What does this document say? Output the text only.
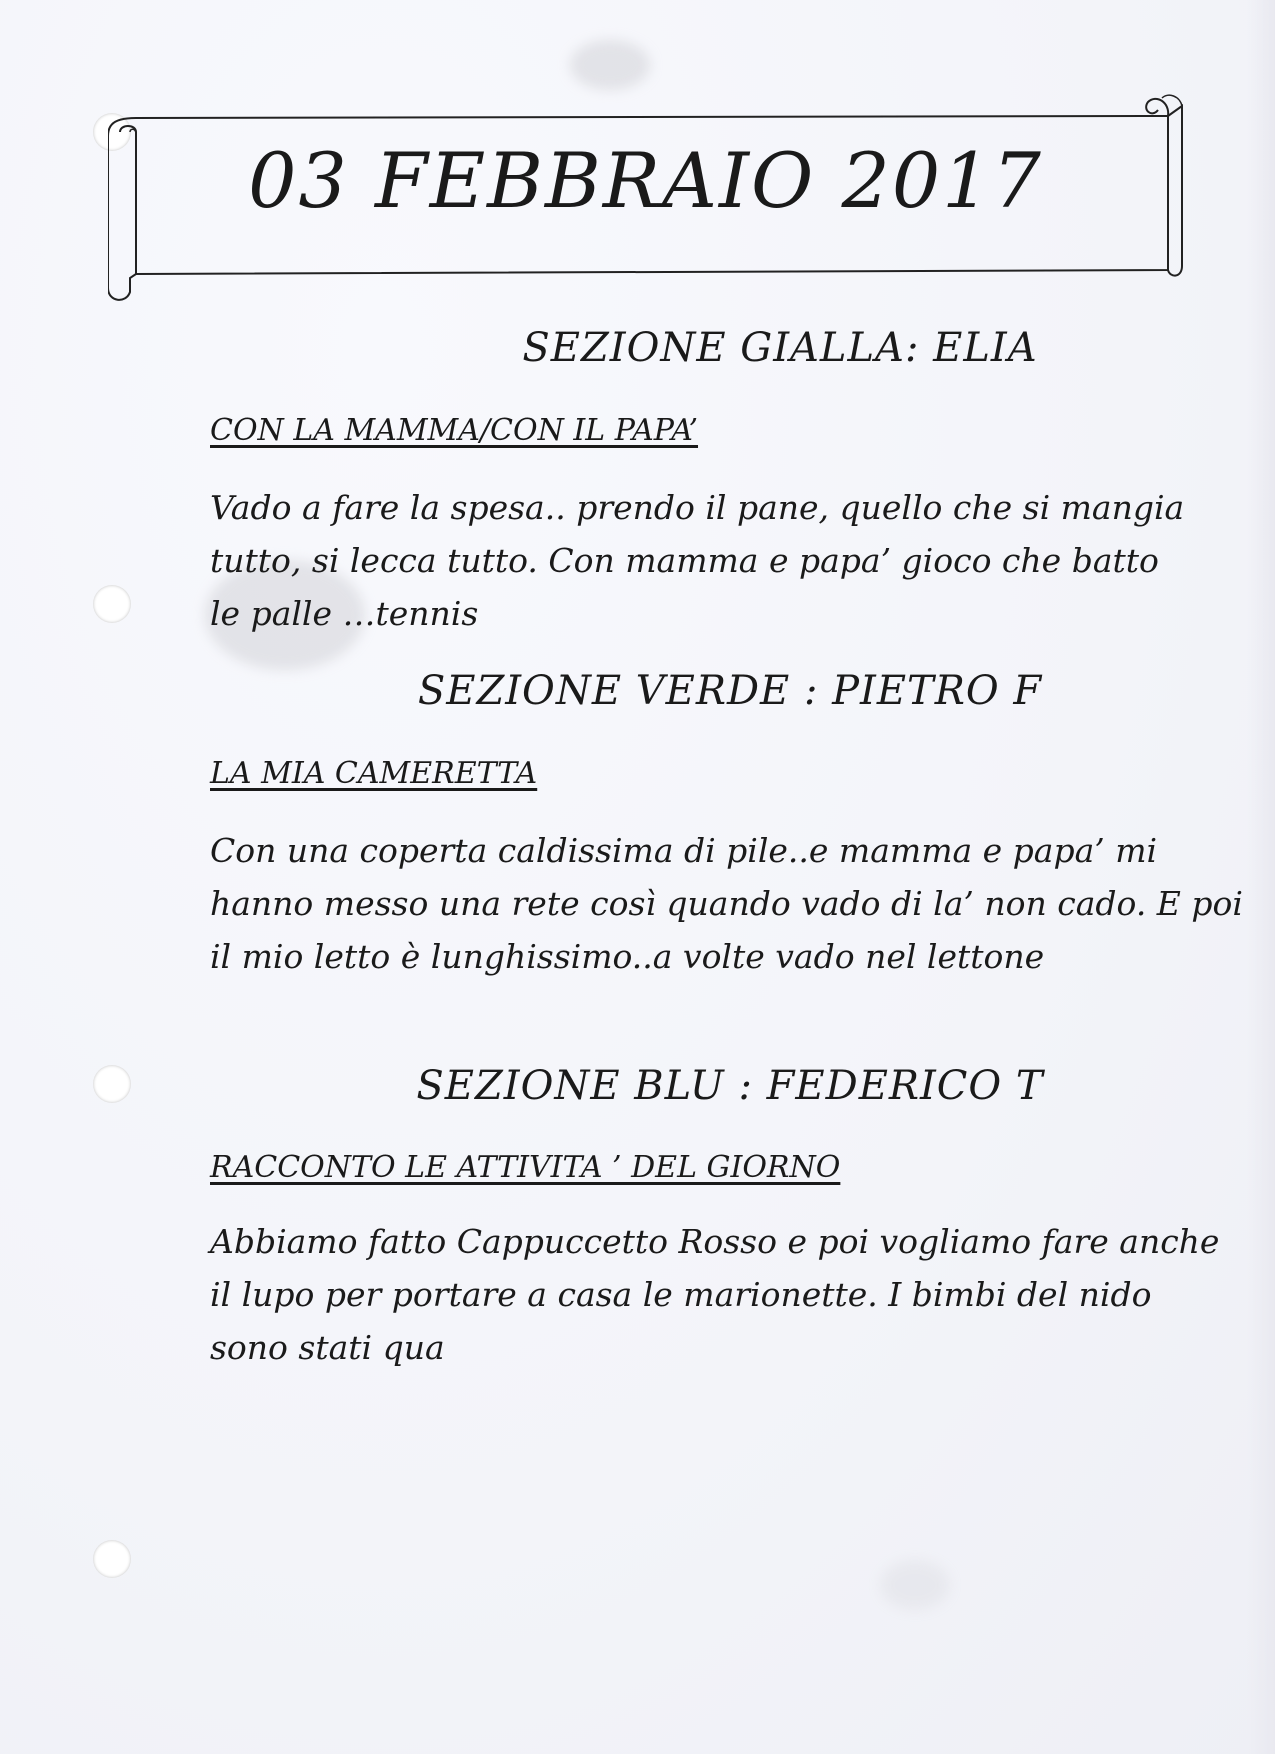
03 FEBBRAIO 2017
SEZIONE GIALLA: ELIA

CON LA MAMMA/CON IL PAPA’

Vado a fare la spesa.. prendo il pane, quello che si mangia tutto, si lecca tutto. Con mamma e papa’ gioco che batto le palle …tennis

SEZIONE VERDE : PIETRO F

LA MIA CAMERETTA

Con una coperta caldissima di pile..e mamma e papa’ mi hanno messo una rete così quando vado di la’ non cado. E poi il mio letto è lunghissimo..a volte vado nel lettone

SEZIONE BLU : FEDERICO T

RACCONTO LE ATTIVITA ’ DEL GIORNO

Abbiamo fatto Cappuccetto Rosso e poi vogliamo fare anche il lupo per portare a casa le marionette. I bimbi del nido sono stati qua
